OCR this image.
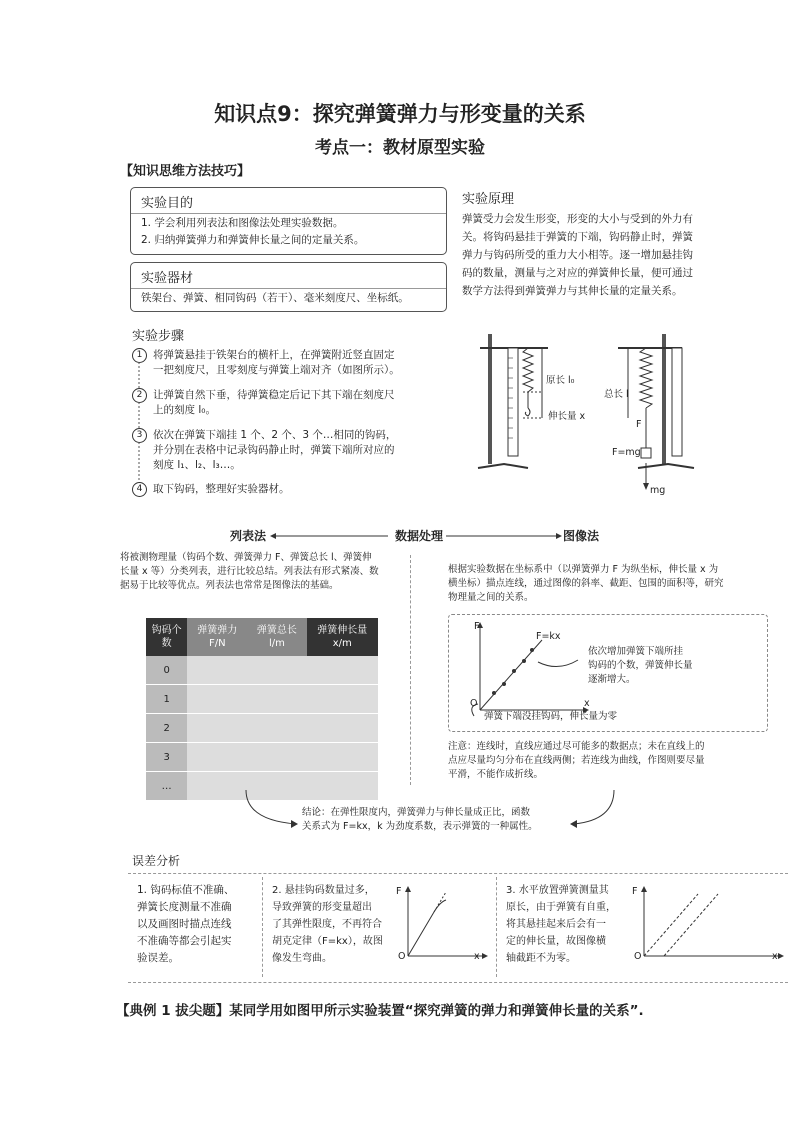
知识点9：探究弹簧弹力与形变量的关系
考点一：教材原型实验
【知识思维方法技巧】
实验目的
1. 学会利用列表法和图像法处理实验数据。
2. 归纳弹簧弹力和弹簧伸长量之间的定量关系。
实验器材
铁架台、弹簧、相同钩码（若干）、毫米刻度尺、坐标纸。
实验原理
弹簧受力会发生形变，形变的大小与受到的外力有
关。将钩码悬挂于弹簧的下端，钩码静止时，弹簧
弹力与钩码所受的重力大小相等。逐一增加悬挂钩
码的数量，测量与之对应的弹簧伸长量，便可通过
数学方法得到弹簧弹力与其伸长量的定量关系。
实验步骤
1 将弹簧悬挂于铁架台的横杆上，在弹簧附近竖直固定
一把刻度尺，且零刻度与弹簧上端对齐（如图所示）。
2 让弹簧自然下垂，待弹簧稳定后记下其下端在刻度尺
上的刻度 l₀。
3 依次在弹簧下端挂 1 个、2 个、3 个…相同的钩码，
并分别在表格中记录钩码静止时，弹簧下端所对应的
刻度 l₁、l₂、l₃…。
4 取下钩码，整理好实验器材。
原长 l₀
伸长量 x
总长 l
F
F=mg
mg
列表法	数据处理	图像法
将被测物理量（钩码个数、弹簧弹力 F、弹簧总长 l、弹簧伸
长量 x 等）分类列表，进行比较总结。列表法有形式紧凑、数
据易于比较等优点。列表法也常常是图像法的基础。
钩码个数	弹簧弹力 F/N	弹簧总长 l/m	弹簧伸长量 x/m
0			
1			
2			
3			
…			
根据实验数据在坐标系中（以弹簧弹力 F 为纵坐标，伸长量 x 为
横坐标）描点连线，通过图像的斜率、截距、包围的面积等，研究
物理量之间的关系。
F
x
O
F=kx
依次增加弹簧下端所挂
钩码的个数，弹簧伸长量
逐渐增大。
弹簧下端没挂钩码，伸长量为零
注意：连线时，直线应通过尽可能多的数据点；未在直线上的
点应尽量均匀分布在直线两侧；若连线为曲线，作图则要尽量
平滑，不能作成折线。
结论：在弹性限度内，弹簧弹力与伸长量成正比，函数
关系式为 F=kx，k 为劲度系数，表示弹簧的一种属性。
误差分析
1. 钩码标值不准确、
弹簧长度测量不准确
以及画图时描点连线
不准确等都会引起实
验误差。
2. 悬挂钩码数量过多，
导致弹簧的形变量超出
了其弹性限度，不再符合
胡克定律（F=kx），故图
像发生弯曲。
F
O	x
3. 水平放置弹簧测量其
原长，由于弹簧有自重，
将其悬挂起来后会有一
定的伸长量，故图像横
轴截距不为零。
F
O	x
【典例 1 拔尖题】某同学用如图甲所示实验装置“探究弹簧的弹力和弹簧伸长量的关系”.
